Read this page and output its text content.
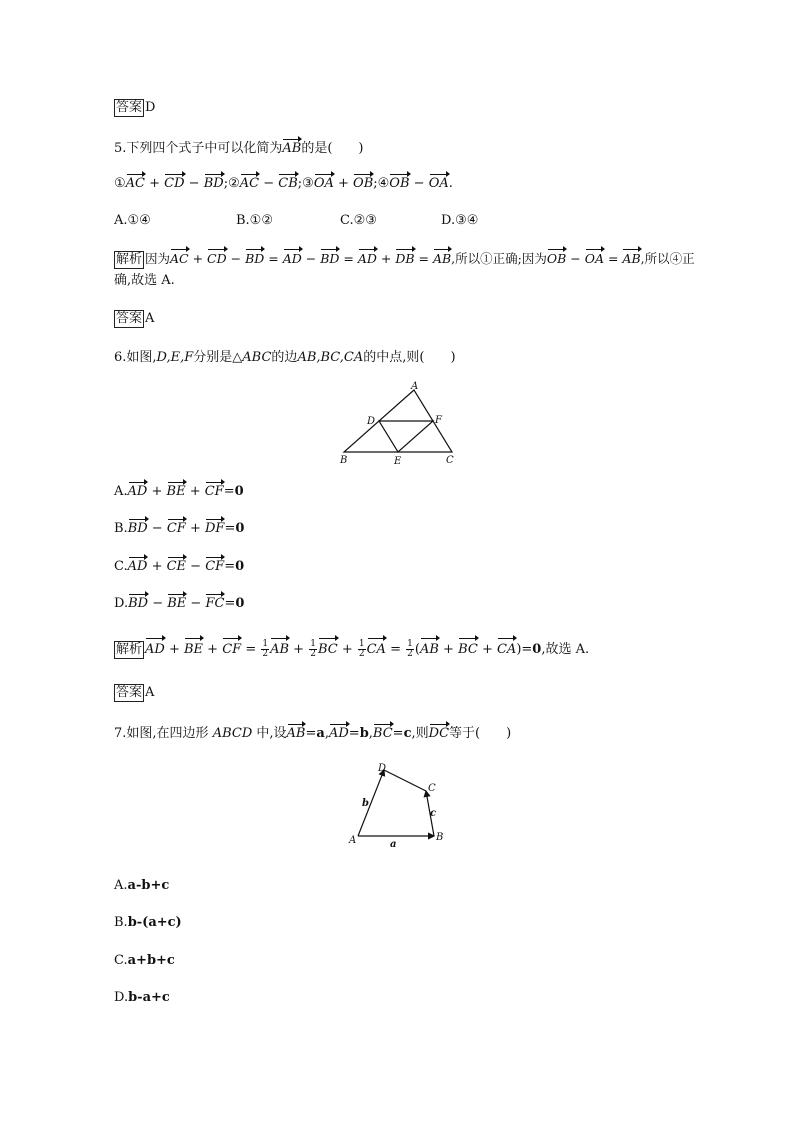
答案 D
5.下列四个式子中可以化简为AB的是(　　)
①AC + CD − BD;②AC − CB;③OA + OB;④OB − OA.
A.①④	B.①②	C.②③	D.③④
解析 因为AC + CD − BD = AD − BD = AD + DB = AB,所以①正确;因为OB − OA = AB,所以④正
确,故选 A.
答案 A
6.如图,D,E,F分别是△ABC的边AB,BC,CA的中点,则(　　)
A
B	C
D
E
F
A.AD + BE + CF=0
B.BD − CF + DF=0
C.AD + CE − CF=0
D.BD − BE − FC=0
解析 AD + BE + CF = $\frac{1}{2}$ AB + $\frac{1}{2}$ BC + $\frac{1}{2}$ CA = $\frac{1}{2} (AB$ + BC + CA)=0,故选 A.
答案 A
7.如图,在四边形 ABCD 中,设AB=a,AD=b,BC=c,则DC等于(　　)
A	B
C
D
a
b
c
A.a-b+c
B.b-(a+c)
C.a+b+c
D.b-a+c
